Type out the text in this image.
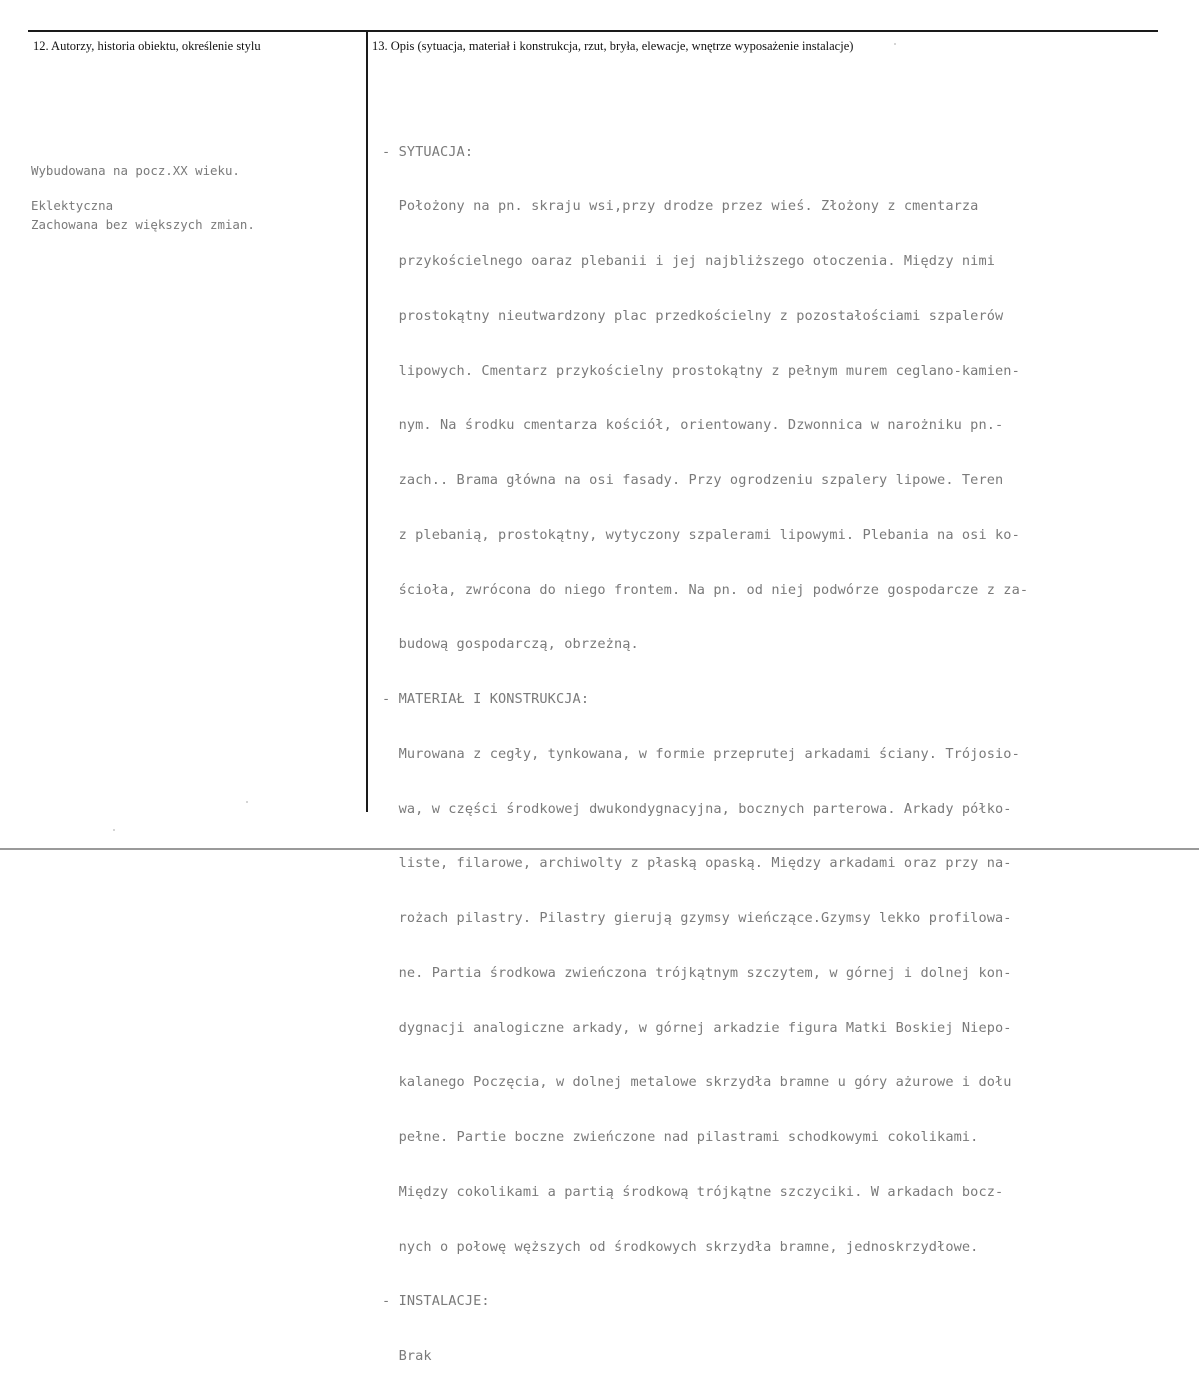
12. Autorzy, historia obiektu, określenie stylu	13. Opis (sytuacja, materiał i konstrukcja, rzut, bryła, elewacje, wnętrze wyposażenie instalacje)

Wybudowana na pocz.XX wieku.

Zachowana bez większych zmian.

Eklektyczna

- SYTUACJA:

Położony na pn. skraju wsi,przy drodze przez wieś. Złożony z cmentarza

przykościelnego oaraz plebanii i jej najbliższego otoczenia. Między nimi

prostokątny nieutwardzony plac przedkościelny z pozostałościami szpalerów

lipowych. Cmentarz przykościelny prostokątny z pełnym murem ceglano-kamien-

nym. Na środku cmentarza kościół, orientowany. Dzwonnica w narożniku pn.-

zach.. Brama główna na osi fasady. Przy ogrodzeniu szpalery lipowe. Teren

z plebanią, prostokątny, wytyczony szpalerami lipowymi. Plebania na osi ko-

ścioła, zwrócona do niego frontem. Na pn. od niej podwórze gospodarcze z za-

budową gospodarczą, obrzeżną.

- MATERIAŁ I KONSTRUKCJA:

Murowana z cegły, tynkowana, w formie przeprutej arkadami ściany. Trójosio-

wa, w części środkowej dwukondygnacyjna, bocznych parterowa. Arkady półko-

liste, filarowe, archiwolty z płaską opaską. Między arkadami oraz przy na-

rożach pilastry. Pilastry gierują gzymsy wieńczące.Gzymsy lekko profilowa-

ne. Partia środkowa zwieńczona trójkątnym szczytem, w górnej i dolnej kon-

dygnacji analogiczne arkady, w górnej arkadzie figura Matki Boskiej Niepo-

kalanego Poczęcia, w dolnej metalowe skrzydła bramne u góry ażurowe i dołu

pełne. Partie boczne zwieńczone nad pilastrami schodkowymi cokolikami.

Między cokolikami a partią środkową trójkątne szczyciki. W arkadach bocz-

nych o połowę węższych od środkowych skrzydła bramne, jednoskrzydłowe.

- INSTALACJE:

Brak
